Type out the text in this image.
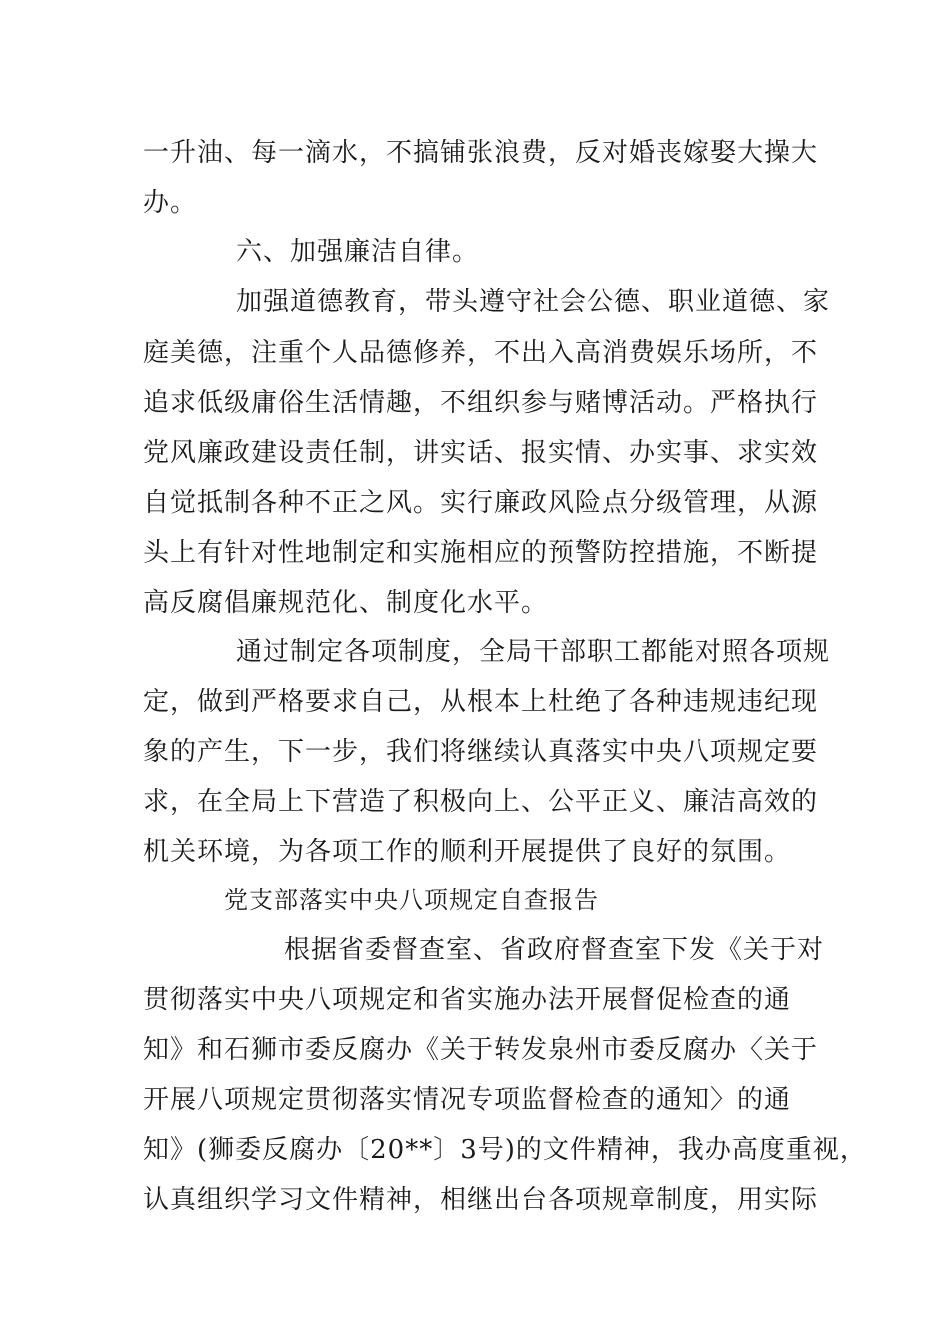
一升油、每一滴水，不搞铺张浪费，反对婚丧嫁娶大操大
办。
六、加强廉洁自律。
加强道德教育，带头遵守社会公德、职业道德、家
庭美德，注重个人品德修养，不出入高消费娱乐场所，不
追求低级庸俗生活情趣，不组织参与赌博活动。严格执行
党风廉政建设责任制，讲实话、报实情、办实事、求实效
自觉抵制各种不正之风。实行廉政风险点分级管理，从源
头上有针对性地制定和实施相应的预警防控措施，不断提
高反腐倡廉规范化、制度化水平。
通过制定各项制度，全局干部职工都能对照各项规
定，做到严格要求自己，从根本上杜绝了各种违规违纪现
象的产生，下一步，我们将继续认真落实中央八项规定要
求，在全局上下营造了积极向上、公平正义、廉洁高效的
机关环境，为各项工作的顺利开展提供了良好的氛围。
党支部落实中央八项规定自查报告
根据省委督查室、省政府督查室下发《关于对
贯彻落实中央八项规定和省实施办法开展督促检查的通
知》和石狮市委反腐办《关于转发泉州市委反腐办〈关于
开展八项规定贯彻落实情况专项监督检查的通知〉的通
知》(狮委反腐办〔20**〕3号)的文件精神，我办高度重视，
认真组织学习文件精神，相继出台各项规章制度，用实际
